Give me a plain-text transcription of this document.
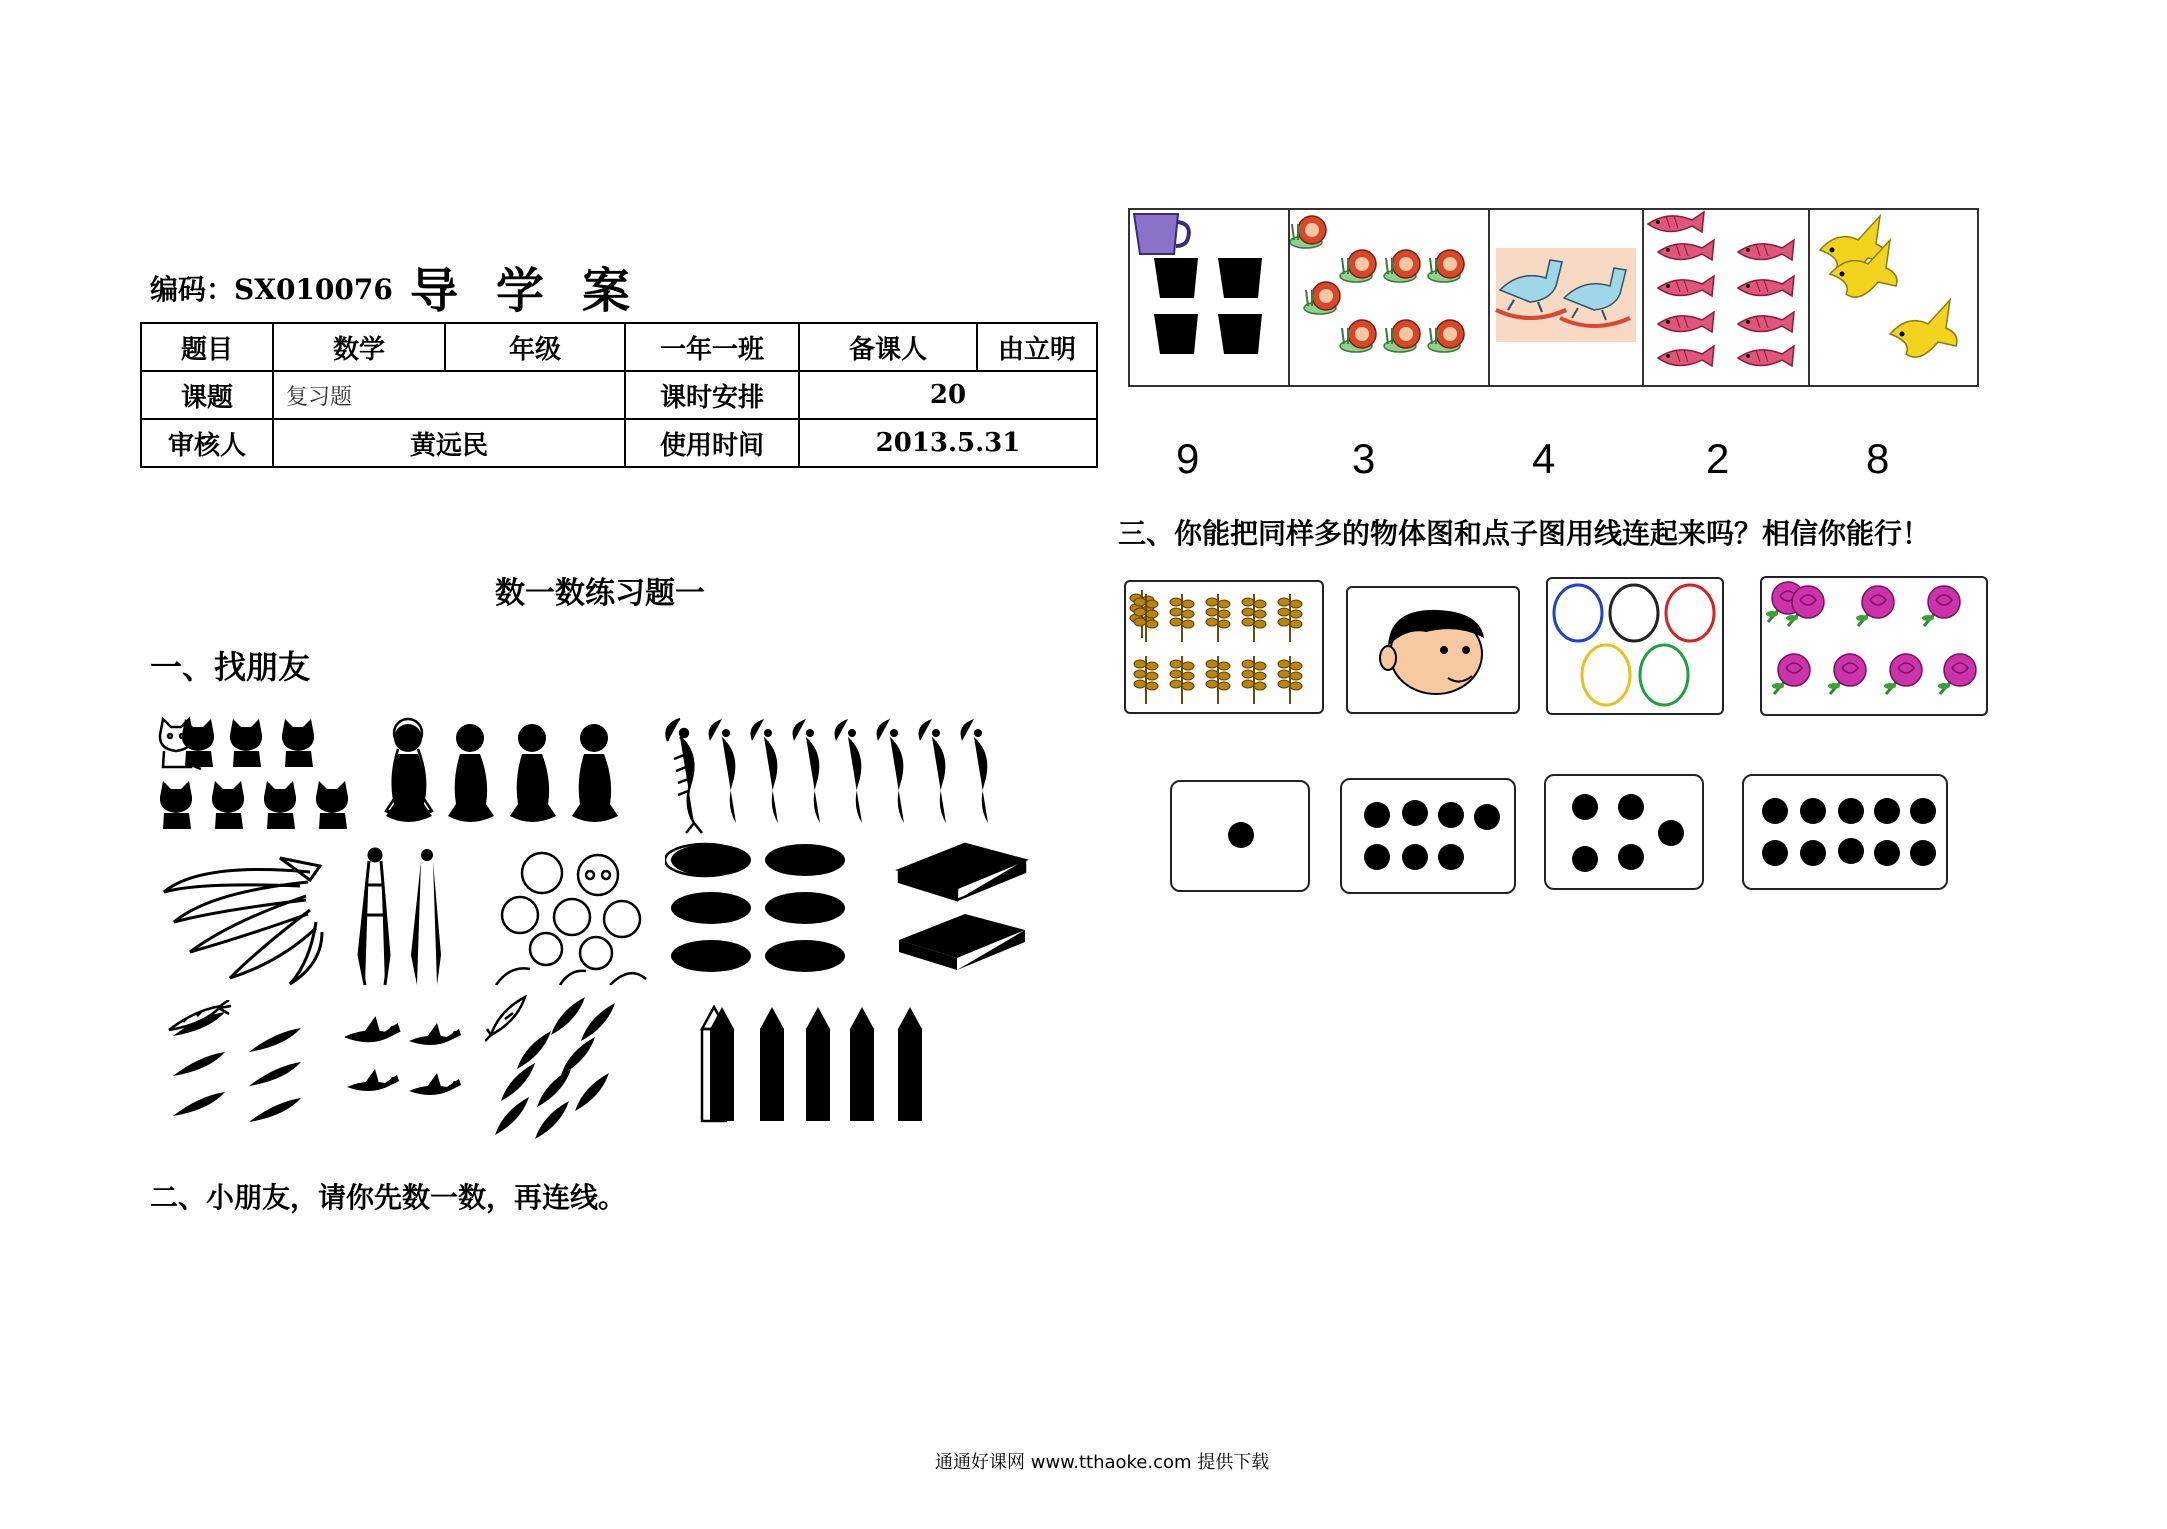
编码：SX010076 导学案
题目	数学	年级	一年一班	备课人	由立明
课题	复习题		课时安排	20	
审核人	黄远民		使用时间	2013.5.31	
数一数练习题一
一、找朋友
二、小朋友，请你先数一数，再连线。
9	3	4	2	8
三、你能把同样多的物体图和点子图用线连起来吗？相信你能行！
通通好课网 www.tthaoke.com 提供下载
